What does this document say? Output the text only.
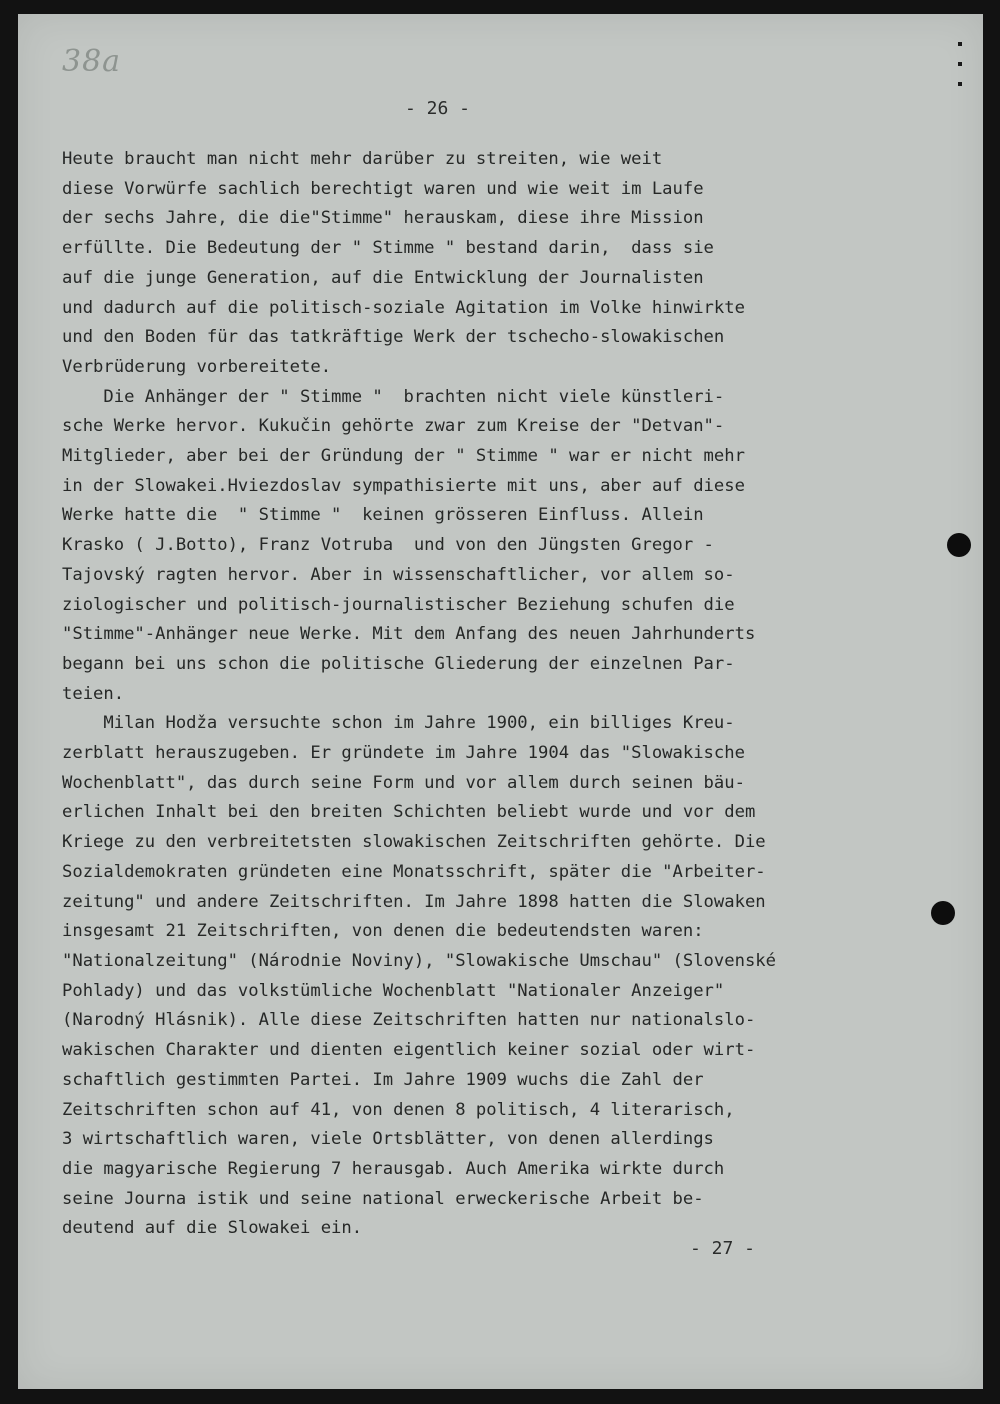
38a
- 26 -
Heute braucht man nicht mehr darüber zu streiten, wie weit
diese Vorwürfe sachlich berechtigt waren und wie weit im Laufe
der sechs Jahre, die die"Stimme" herauskam, diese ihre Mission
erfüllte. Die Bedeutung der " Stimme " bestand darin,  dass sie
auf die junge Generation, auf die Entwicklung der Journalisten
und dadurch auf die politisch-soziale Agitation im Volke hinwirkte
und den Boden für das tatkräftige Werk der tschecho-slowakischen
Verbrüderung vorbereitete.
Die Anhänger der " Stimme "  brachten nicht viele künstleri-
sche Werke hervor. Kukučin gehörte zwar zum Kreise der "Detvan"-
Mitglieder, aber bei der Gründung der " Stimme " war er nicht mehr
in der Slowakei.Hviezdoslav sympathisierte mit uns, aber auf diese
Werke hatte die  " Stimme "  keinen grösseren Einfluss. Allein
Krasko ( J.Botto), Franz Votruba  und von den Jüngsten Gregor -
Tajovský ragten hervor. Aber in wissenschaftlicher, vor allem so-
ziologischer und politisch-journalistischer Beziehung schufen die
"Stimme"-Anhänger neue Werke. Mit dem Anfang des neuen Jahrhunderts
begann bei uns schon die politische Gliederung der einzelnen Par-
teien.
Milan Hodža versuchte schon im Jahre 1900, ein billiges Kreu-
zerblatt herauszugeben. Er gründete im Jahre 1904 das "Slowakische
Wochenblatt", das durch seine Form und vor allem durch seinen bäu-
erlichen Inhalt bei den breiten Schichten beliebt wurde und vor dem
Kriege zu den verbreitetsten slowakischen Zeitschriften gehörte. Die
Sozialdemokraten gründeten eine Monatsschrift, später die "Arbeiter-
zeitung" und andere Zeitschriften. Im Jahre 1898 hatten die Slowaken
insgesamt 21 Zeitschriften, von denen die bedeutendsten waren:
"Nationalzeitung" (Národnie Noviny), "Slowakische Umschau" (Slovenské
Pohlady) und das volkstümliche Wochenblatt "Nationaler Anzeiger"
(Narodný Hlásnik). Alle diese Zeitschriften hatten nur nationalslo-
wakischen Charakter und dienten eigentlich keiner sozial oder wirt-
schaftlich gestimmten Partei. Im Jahre 1909 wuchs die Zahl der
Zeitschriften schon auf 41, von denen 8 politisch, 4 literarisch,
3 wirtschaftlich waren, viele Ortsblätter, von denen allerdings
die magyarische Regierung 7 herausgab. Auch Amerika wirkte durch
seine Journa istik und seine national erweckerische Arbeit be-
deutend auf die Slowakei ein.
- 27 -
